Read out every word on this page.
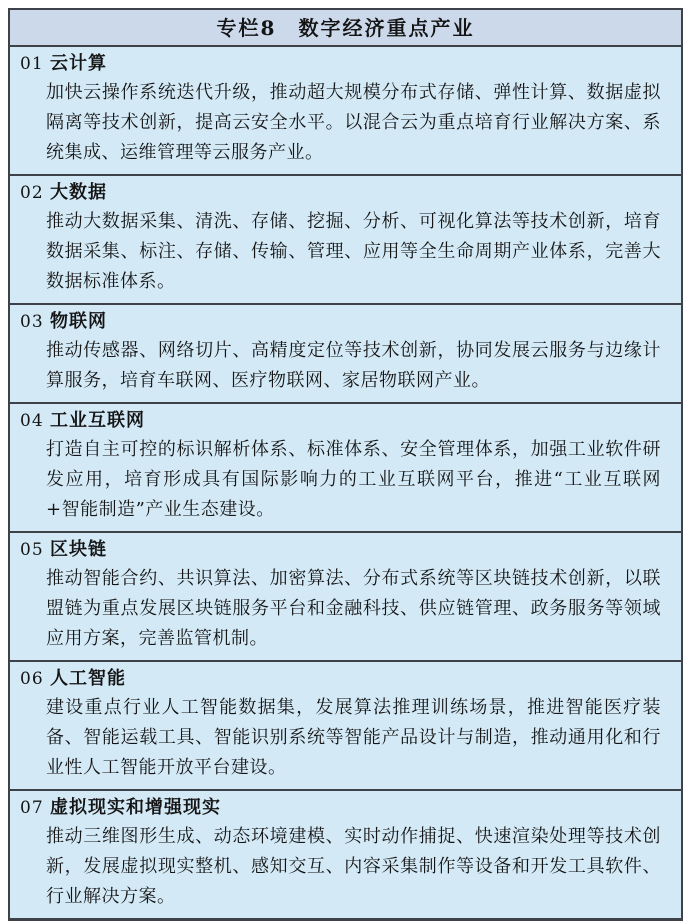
专栏8　数字经济重点产业
01 云计算

加快云操作系统迭代升级，推动超大规模分布式存储、弹性计算、数据虚拟隔离等技术创新，提高云安全水平。以混合云为重点培育行业解决方案、系统集成、运维管理等云服务产业。

02 大数据

推动大数据采集、清洗、存储、挖掘、分析、可视化算法等技术创新，培育数据采集、标注、存储、传输、管理、应用等全生命周期产业体系，完善大数据标准体系。

03 物联网

推动传感器、网络切片、高精度定位等技术创新，协同发展云服务与边缘计算服务，培育车联网、医疗物联网、家居物联网产业。

04 工业互联网

打造自主可控的标识解析体系、标准体系、安全管理体系，加强工业软件研发应用，培育形成具有国际影响力的工业互联网平台，推进“工业互联网+智能制造”产业生态建设。

05 区块链

推动智能合约、共识算法、加密算法、分布式系统等区块链技术创新，以联盟链为重点发展区块链服务平台和金融科技、供应链管理、政务服务等领域应用方案，完善监管机制。

06 人工智能

建设重点行业人工智能数据集，发展算法推理训练场景，推进智能医疗装备、智能运载工具、智能识别系统等智能产品设计与制造，推动通用化和行业性人工智能开放平台建设。

07 虚拟现实和增强现实

推动三维图形生成、动态环境建模、实时动作捕捉、快速渲染处理等技术创新，发展虚拟现实整机、感知交互、内容采集制作等设备和开发工具软件、行业解决方案。
